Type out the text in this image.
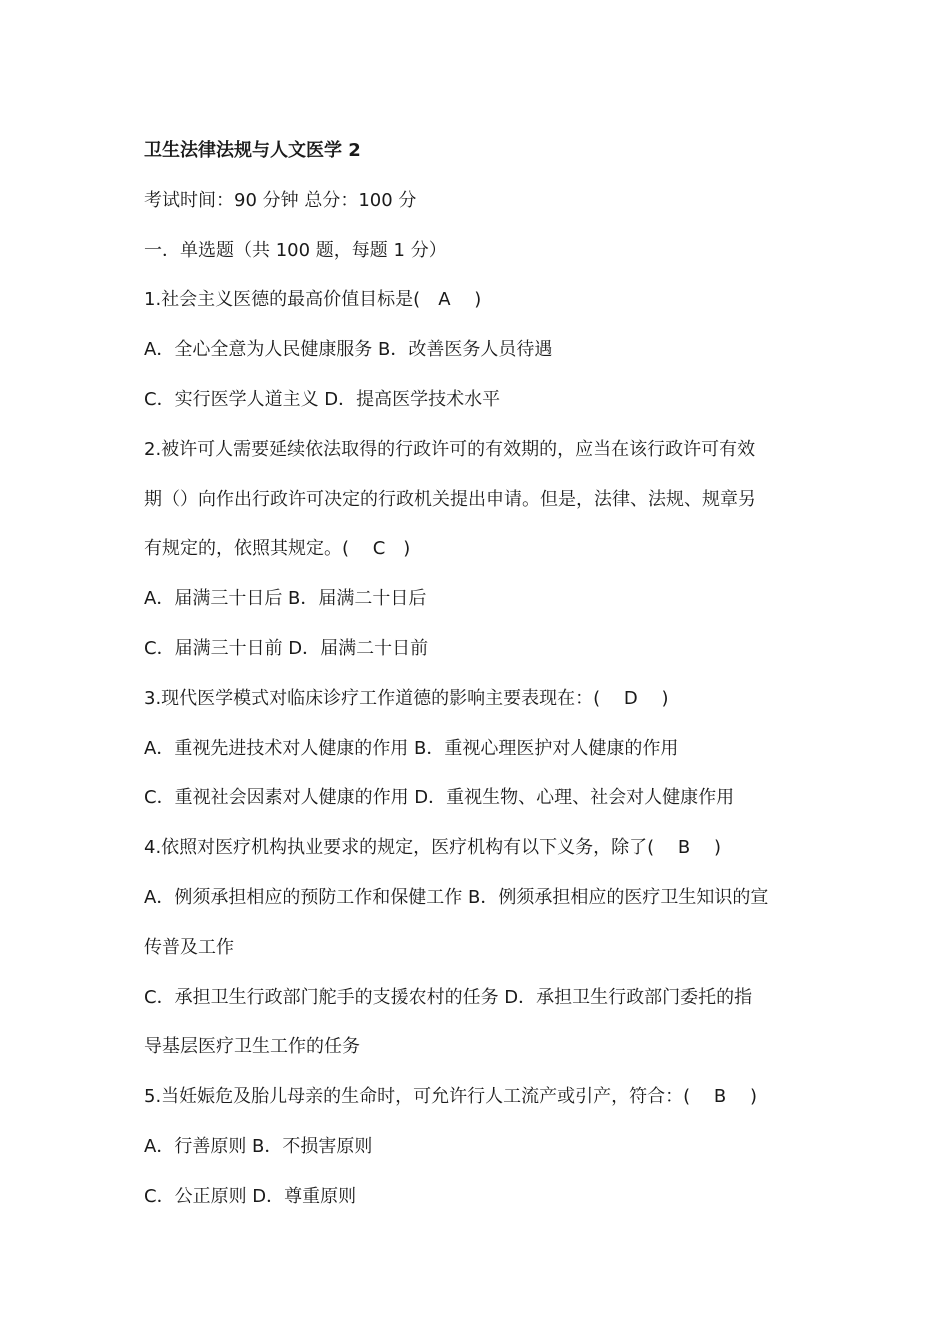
卫生法律法规与人文医学 2
考试时间：90 分钟 总分：100 分
一．单选题（共 100 题，每题 1 分）
1.社会主义医德的最高价值目标是(　A　 )
A．全心全意为人民健康服务 B．改善医务人员待遇
C．实行医学人道主义 D．提高医学技术水平
2.被许可人需要延续依法取得的行政许可的有效期的，应当在该行政许可有效
期（）向作出行政许可决定的行政机关提出申请。但是，法律、法规、规章另
有规定的，依照其规定。(　 C　)
A．届满三十日后 B．届满二十日后
C．届满三十日前 D．届满二十日前
3.现代医学模式对临床诊疗工作道德的影响主要表现在：(　 D　 )
A．重视先进技术对人健康的作用 B．重视心理医护对人健康的作用
C．重视社会因素对人健康的作用 D．重视生物、心理、社会对人健康作用
4.依照对医疗机构执业要求的规定，医疗机构有以下义务，除了(　 B　 )
A．例须承担相应的预防工作和保健工作 B．例须承担相应的医疗卫生知识的宣
传普及工作
C．承担卫生行政部门舵手的支援农村的任务 D．承担卫生行政部门委托的指
导基层医疗卫生工作的任务
5.当妊娠危及胎儿母亲的生命时，可允许行人工流产或引产，符合：(　 B　 )
A．行善原则 B．不损害原则
C．公正原则 D．尊重原则
